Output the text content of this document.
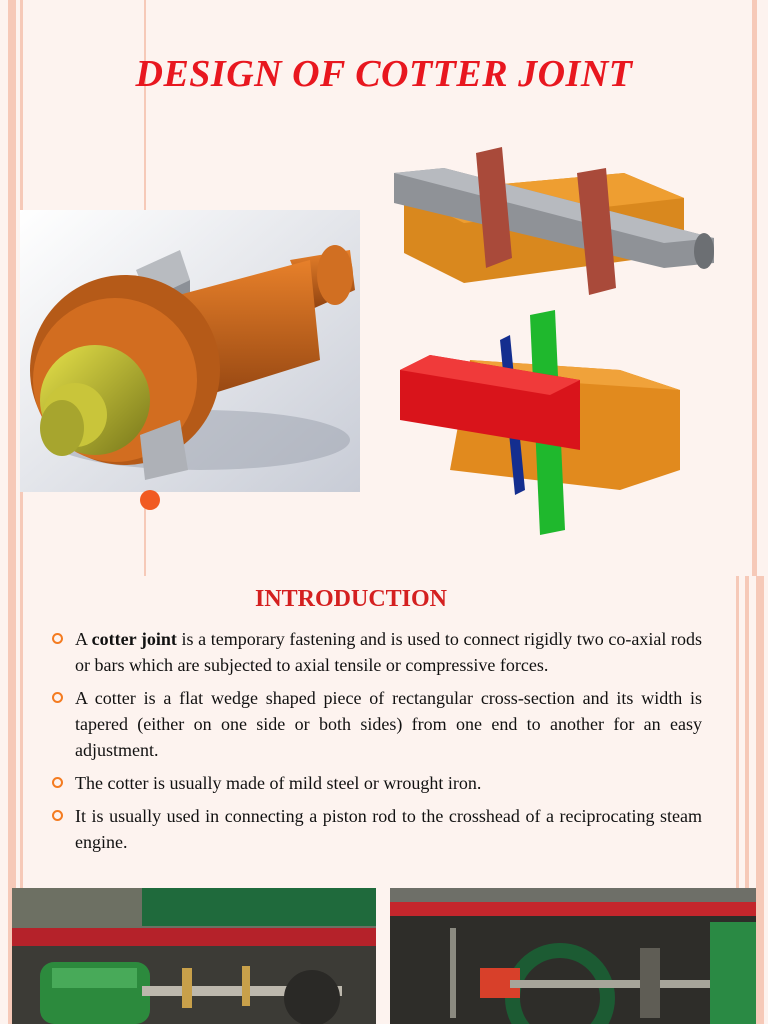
DESIGN OF COTTER JOINT
INTRODUCTION
A cotter joint is a temporary fastening and is used to connect rigidly two co-axial rods or bars which are subjected to axial tensile or compressive forces.
A cotter is a flat wedge shaped piece of rectangular cross-section and its width is tapered (either on one side or both sides) from one end to another for an easy adjustment.
The cotter is usually made of mild steel or wrought iron.
It is usually used in connecting a piston rod to the crosshead of a reciprocating steam engine.
